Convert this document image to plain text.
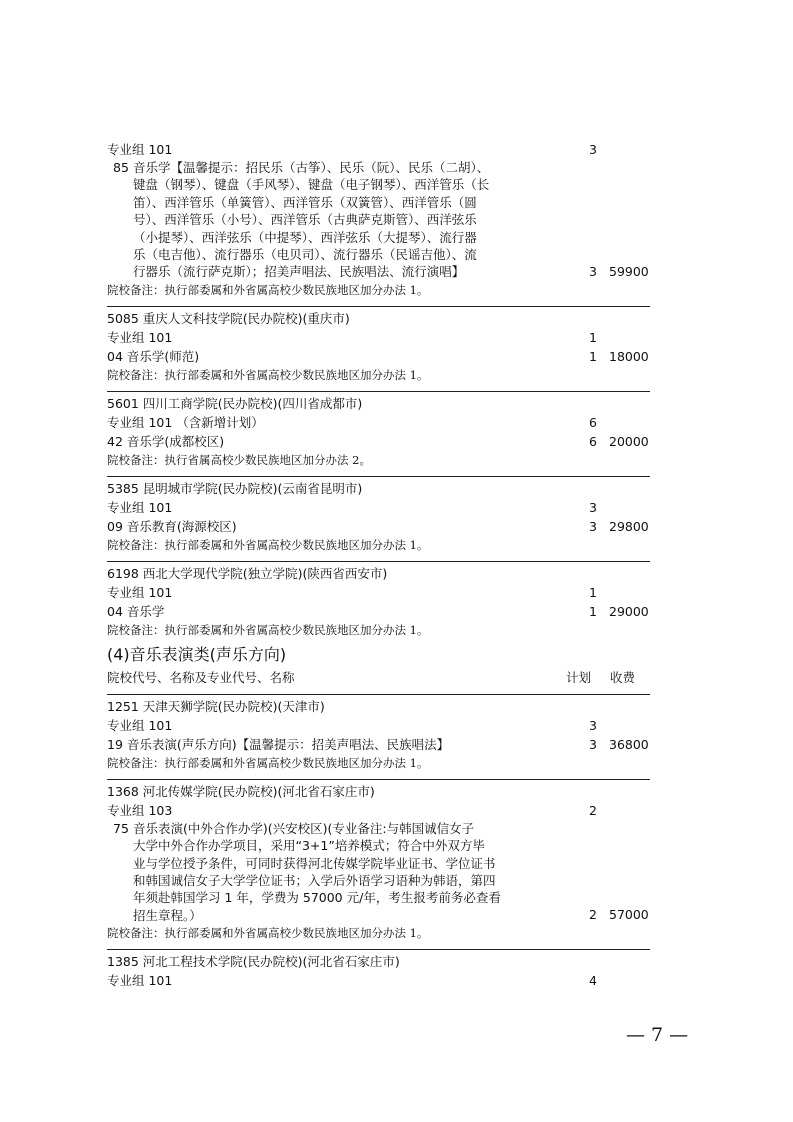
专业组 101	3
85 音乐学【温馨提示：招民乐（古筝）、民乐（阮）、民乐（二胡）、
键盘（钢琴）、键盘（手风琴）、键盘（电子钢琴）、西洋管乐（长
笛）、西洋管乐（单簧管）、西洋管乐（双簧管）、西洋管乐（圆
号）、西洋管乐（小号）、西洋管乐（古典萨克斯管）、西洋弦乐
（小提琴）、西洋弦乐（中提琴）、西洋弦乐（大提琴）、流行器
乐（电吉他）、流行器乐（电贝司）、流行器乐（民谣吉他）、流
行器乐（流行萨克斯）；招美声唱法、民族唱法、流行演唱】	3 59900
院校备注：执行部委属和外省属高校少数民族地区加分办法 1。
5085 重庆人文科技学院(民办院校)(重庆市)
专业组 101	1
04 音乐学(师范)	1 18000
院校备注：执行部委属和外省属高校少数民族地区加分办法 1。
5601 四川工商学院(民办院校)(四川省成都市)
专业组 101 （含新增计划）	6
42 音乐学(成都校区)	6 20000
院校备注：执行省属高校少数民族地区加分办法 2。
5385 昆明城市学院(民办院校)(云南省昆明市)
专业组 101	3
09 音乐教育(海源校区)	3 29800
院校备注：执行部委属和外省属高校少数民族地区加分办法 1。
6198 西北大学现代学院(独立学院)(陕西省西安市)
专业组 101	1
04 音乐学	1 29000
院校备注：执行部委属和外省属高校少数民族地区加分办法 1。
(4)音乐表演类(声乐方向)
院校代号、名称及专业代号、名称	计划 收费
1251 天津天狮学院(民办院校)(天津市)
专业组 101	3
19 音乐表演(声乐方向)【温馨提示：招美声唱法、民族唱法】	3 36800
院校备注：执行部委属和外省属高校少数民族地区加分办法 1。
1368 河北传媒学院(民办院校)(河北省石家庄市)
专业组 103	2
75 音乐表演(中外合作办学)(兴安校区)(专业备注:与韩国诚信女子
大学中外合作办学项目，采用“3+1”培养模式；符合中外双方毕
业与学位授予条件，可同时获得河北传媒学院毕业证书、学位证书
和韩国诚信女子大学学位证书；入学后外语学习语种为韩语，第四
年须赴韩国学习 1 年，学费为 57000 元/年，考生报考前务必查看
招生章程。）	2 57000
院校备注：执行部委属和外省属高校少数民族地区加分办法 1。
1385 河北工程技术学院(民办院校)(河北省石家庄市)
专业组 101	4
— 7 —
